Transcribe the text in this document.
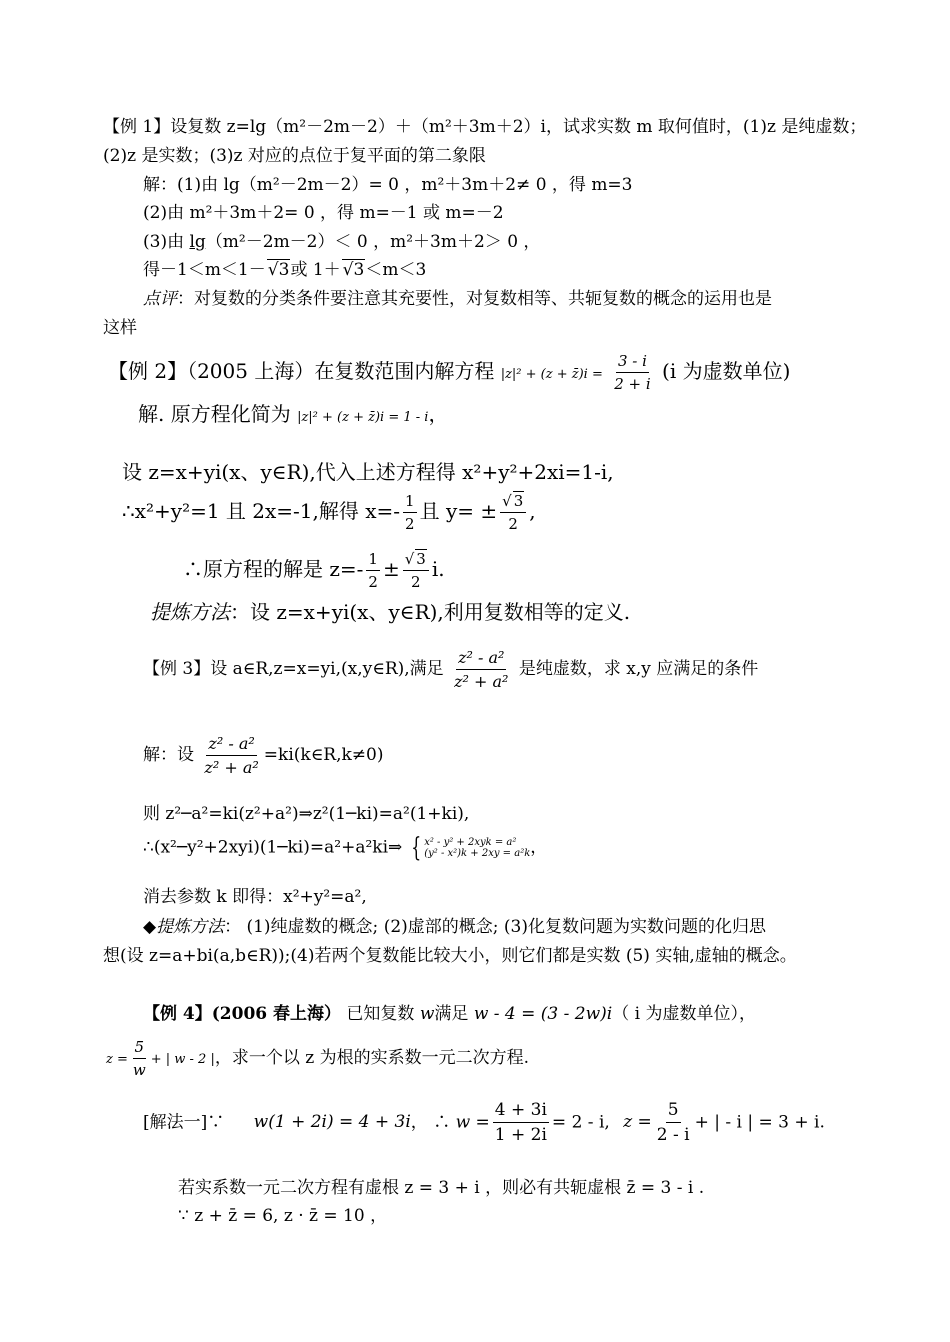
【例 1】设复数 z=lg（m²－2m－2）＋（m²＋3m＋2）i，试求实数 m 取何值时，(1)z 是纯虚数；
(2)z 是实数；(3)z 对应的点位于复平面的第二象限
解：(1)由 lg（m²－2m－2）= 0 ，m²＋3m＋2≠ 0 ，得 m=3
(2)由 m²＋3m＋2= 0 ，得 m=－1 或 m=－2
(3)由 lg（m²－2m－2）＜ 0 ，m²＋3m＋2＞ 0 ，
得－1＜m＜1－ √3或 1＋ √3＜m＜3
点评：对复数的分类条件要注意其充要性，对复数相等、共轭复数的概念的运用也是
这样
【例 2】（2005 上海）在复数范围内解方程 |z|² + (z + z̄)i = $\frac{3 - i}{2 + i} (i$ 为虚数单位)
解. 原方程化简为 |z|² + (z + z̄)i = 1 - i，
设 z=x+yi(x、y∈R),代入上述方程得 x²+y²+2xi=1-i,
∴x²+y²=1 且 2x=-1,解得 $x=- \frac{1}{2}$ 且 $y= \pm \frac{√ 3}{2}$ ,
∴原方程的解是 $z=- \frac{1}{2} \pm \frac{√ 3}{2} i$.
提炼方法：设 z=x+yi(x、y∈R),利用复数相等的定义.
【例 3】设 a∈R,z=x=yi,(x,y∈R),满足 $\frac{\text{z² - a²}}{\text{z² + a²}}$ 是纯虚数，求 x,y 应满足的条件
解：设 $\frac{\text{z² - a²}}{\text{z² + a²}}$ =ki(k∈R,k≠0)
则 z²─a²=ki(z²+a²)⇒z²(1─ki)=a²(1+ki),
∴(x²─y²+2xyi)(1─ki)=a²+a²ki⇒ { x² - y² + 2xyk = a²
(y² - x²)k + 2xy = a²k ，
消去参数 k 即得：x²+y²=a²,
◆提炼方法： (1)纯虚数的概念; (2)虚部的概念; (3)化复数问题为实数问题的化归思
想(设 z=a+bi(a,b∈R));(4)若两个复数能比较大小，则它们都是实数 (5) 实轴,虚轴的概念。
【例 4】(2006 春上海） 已知复数 w满足 w - 4 = (3 - 2w)i（ i 为虚数单位），
$z = \frac{5}{w}$ + | w - 2 |，求一个以 z 为根的实系数一元二次方程.
[解法一]∵ w(1 + 2i) = 4 + 3i， ∴ $w = \frac{4 + 3i}{1 + 2i} = 2 - i$, $z = \frac{5}{2 - i}$ + | - i | = 3 + i.
若实系数一元二次方程有虚根 z = 3 + i ，则必有共轭虚根 z̄ = 3 - i .
∵ z + z̄ = 6, z · z̄ = 10 ，
